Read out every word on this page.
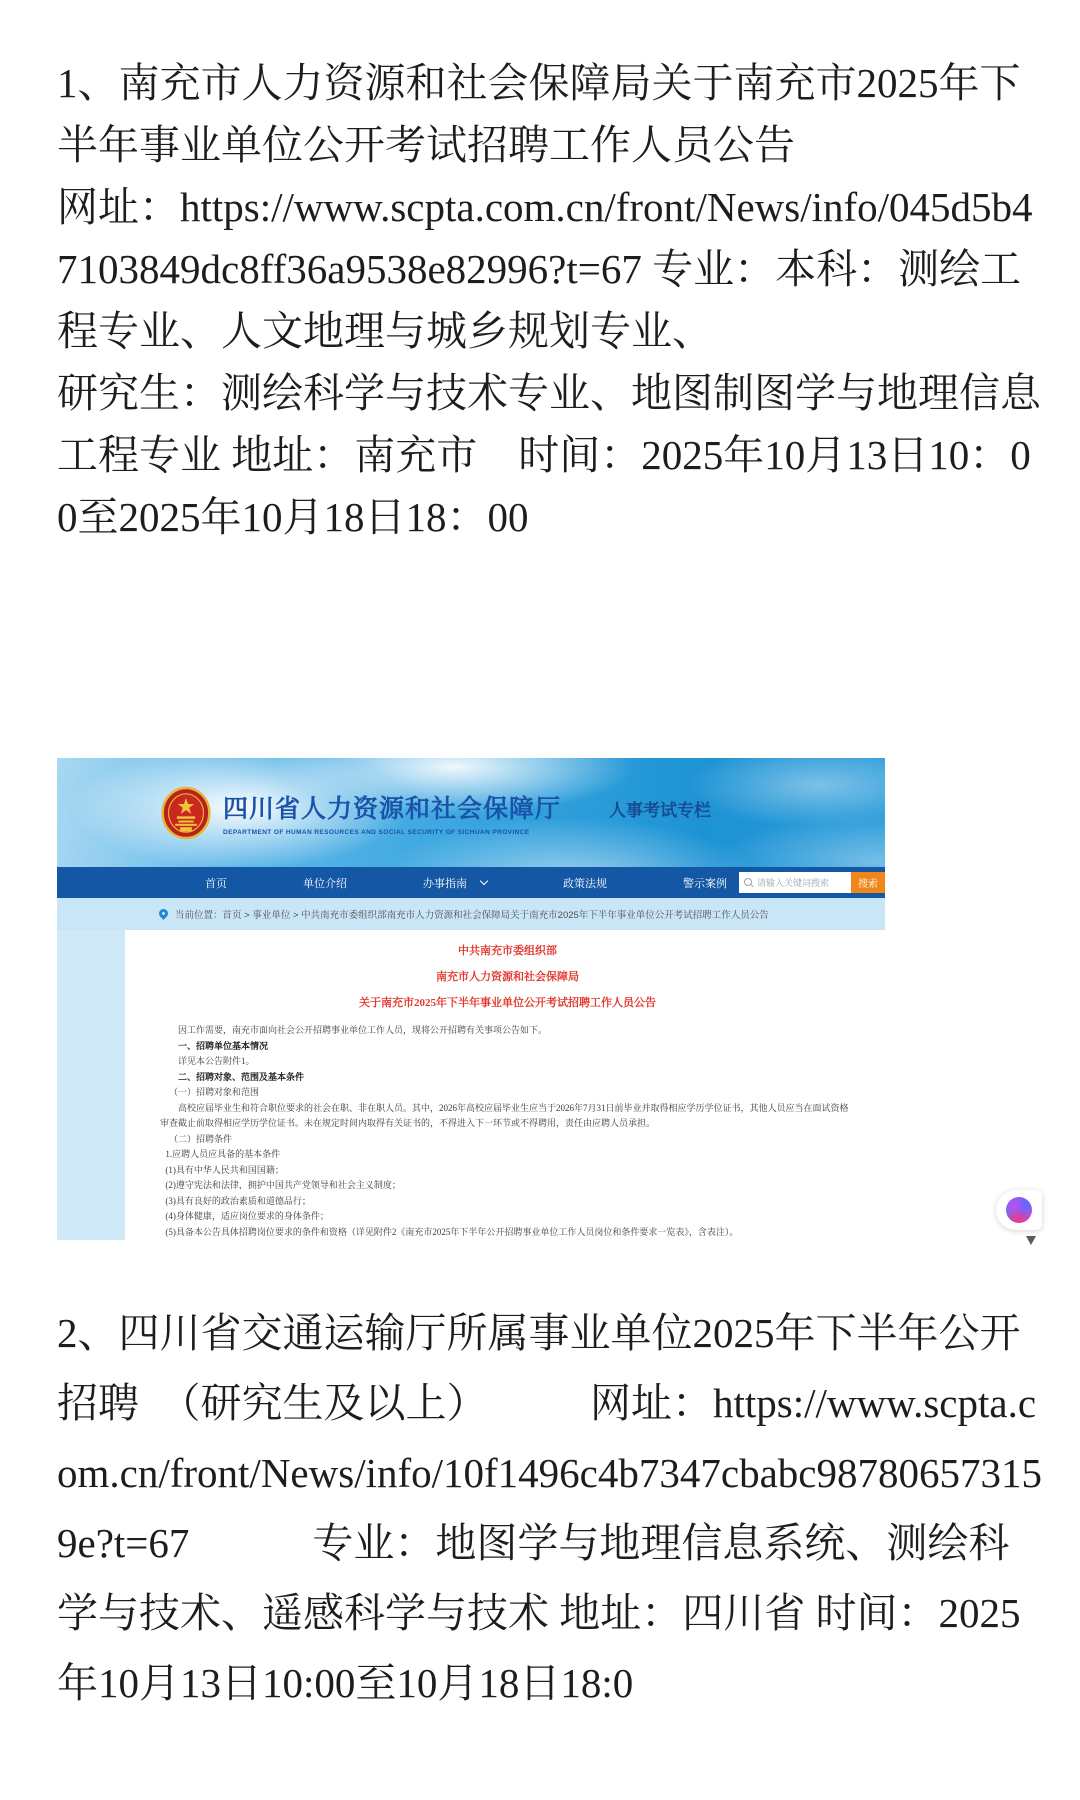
1、南充市人力资源和社会保障局关于南充市2025年下半年事业单位公开考试招聘工作人员公告

网址：https://www.scpta.com.cn/front/News/info/045d5b47103849dc8ff36a9538e82996?t=67 专业：本科：测绘工程专业、人文地理与城乡规划专业、

研究生：测绘科学与技术专业、地图制图学与地理信息工程专业 地址：南充市　时间：2025年10月13日10：00至2025年10月18日18：00

四川省人力资源和社会保障厅
DEPARTMENT OF HUMAN RESOURCES AND SOCIAL SECURITY OF SICHUAN PROVINCE
人事考试专栏
首页	单位介绍	办事指南	政策法规	警示案例
请输入关键词搜索	搜索
当前位置：首页 > 事业单位 > 中共南充市委组织部南充市人力资源和社会保障局关于南充市2025年下半年事业单位公开考试招聘工作人员公告
中共南充市委组织部
南充市人力资源和社会保障局
关于南充市2025年下半年事业单位公开考试招聘工作人员公告

因工作需要，南充市面向社会公开招聘事业单位工作人员，现将公开招聘有关事项公告如下。

一、招聘单位基本情况

详见本公告附件1。

二、招聘对象、范围及基本条件

（一）招聘对象和范围

高校应届毕业生和符合职位要求的社会在职、非在职人员。其中，2026年高校应届毕业生应当于2026年7月31日前毕业并取得相应学历学位证书，其他人员应当在面试资格审查截止前取得相应学历学位证书。未在规定时间内取得有关证书的，不得进入下一环节或不得聘用，责任由应聘人员承担。

（二）招聘条件

1.应聘人员应具备的基本条件

(1)具有中华人民共和国国籍；

(2)遵守宪法和法律，拥护中国共产党领导和社会主义制度；

(3)具有良好的政治素质和道德品行；

(4)身体健康，适应岗位要求的身体条件；

(5)具备本公告具体招聘岗位要求的条件和资格（详见附件2《南充市2025年下半年公开招聘事业单位工作人员岗位和条件要求一览表》，含表注）。

2、四川省交通运输厅所属事业单位2025年下半年公开招聘　（研究生及以上）　　　网址：https://www.scpta.com.cn/front/News/info/10f1496c4b7347cbabc987806573159e?t=67　　　专业：地图学与地理信息系统、测绘科学与技术、遥感科学与技术 地址：四川省 时间：2025年10月13日10:00至10月18日18:0
